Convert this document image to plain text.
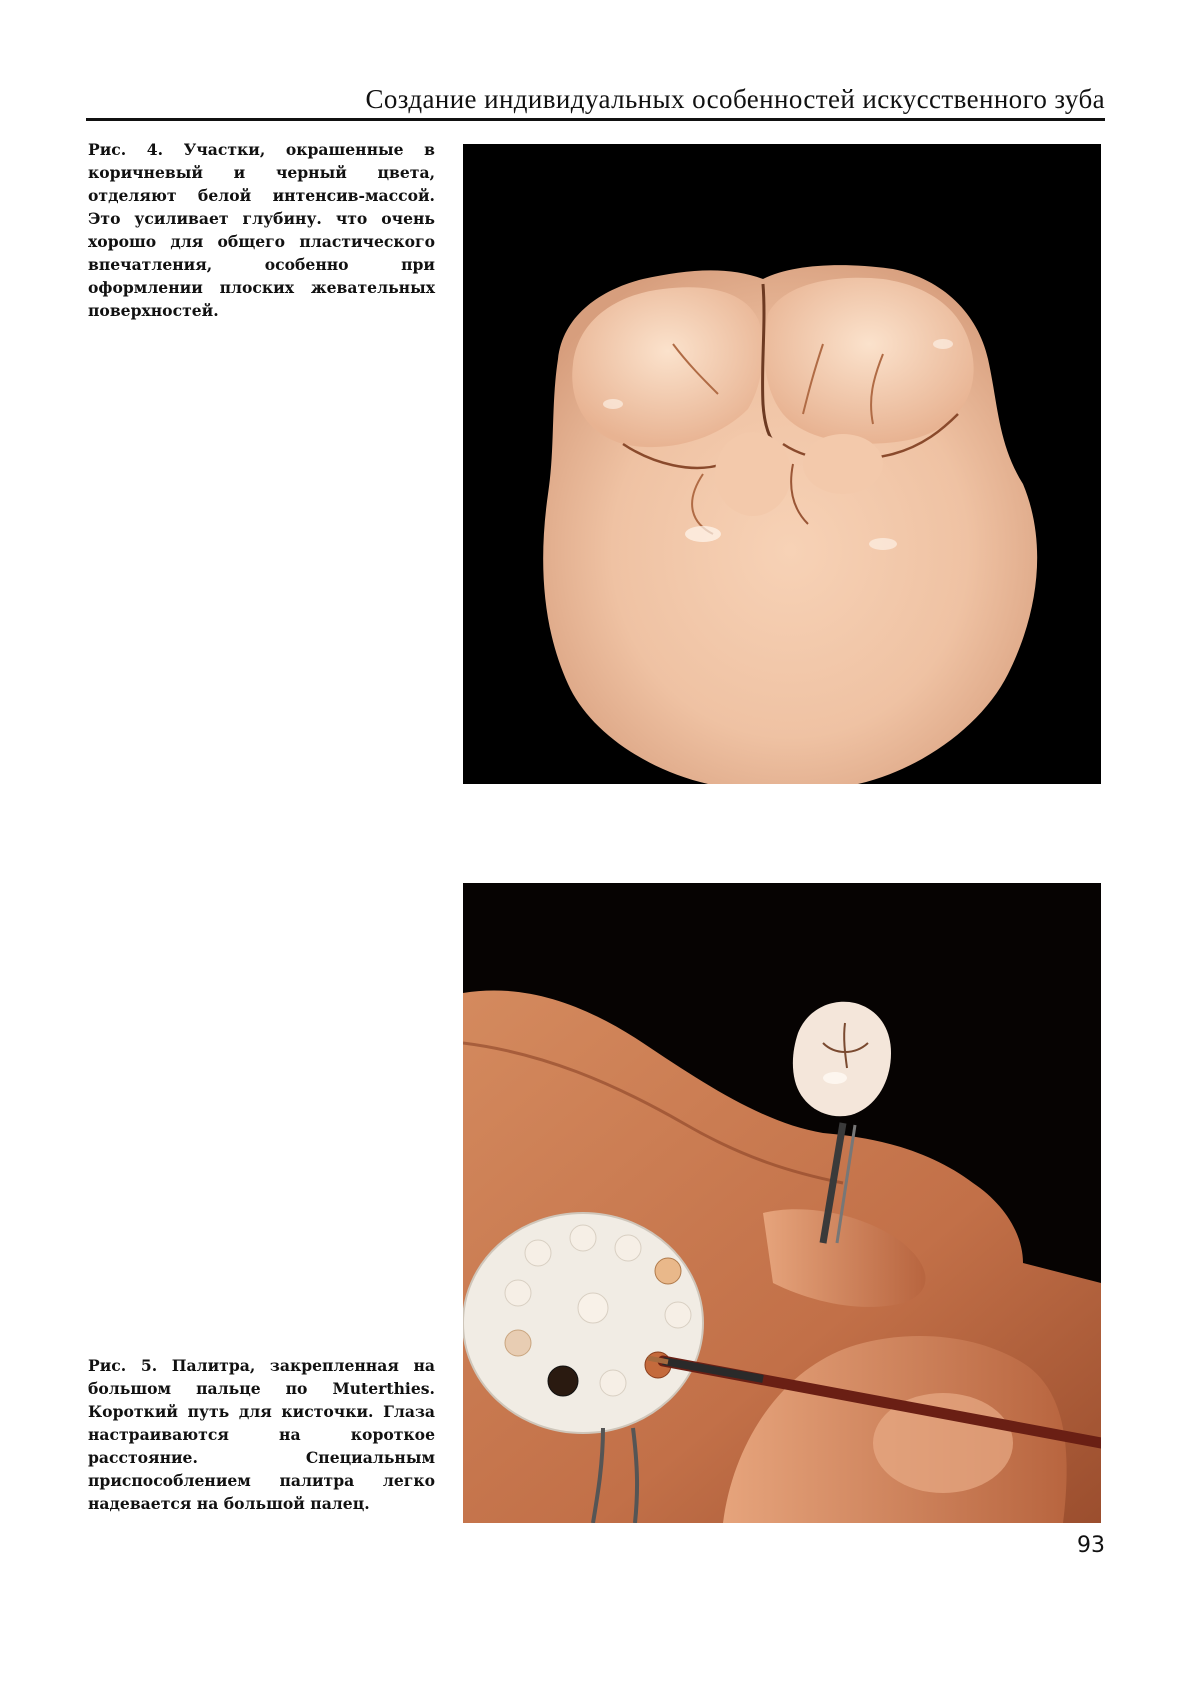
Создание индивидуальных особенностей искусственного зуба
Рис. 4. Участки, окрашенные в коричневый и черный цвета, отделяют белой интенсив-массой. Это усиливает глубину. что очень хорошо для общего пластического впечатления, особенно при оформлении плоских жевательных поверхностей.
Рис. 5. Палитра, закрепленная на большом пальце по Muterthies. Короткий путь для кисточки. Глаза настраиваются на короткое расстояние. Специальным приспособлением палитра легко надевается на большой палец.
93
